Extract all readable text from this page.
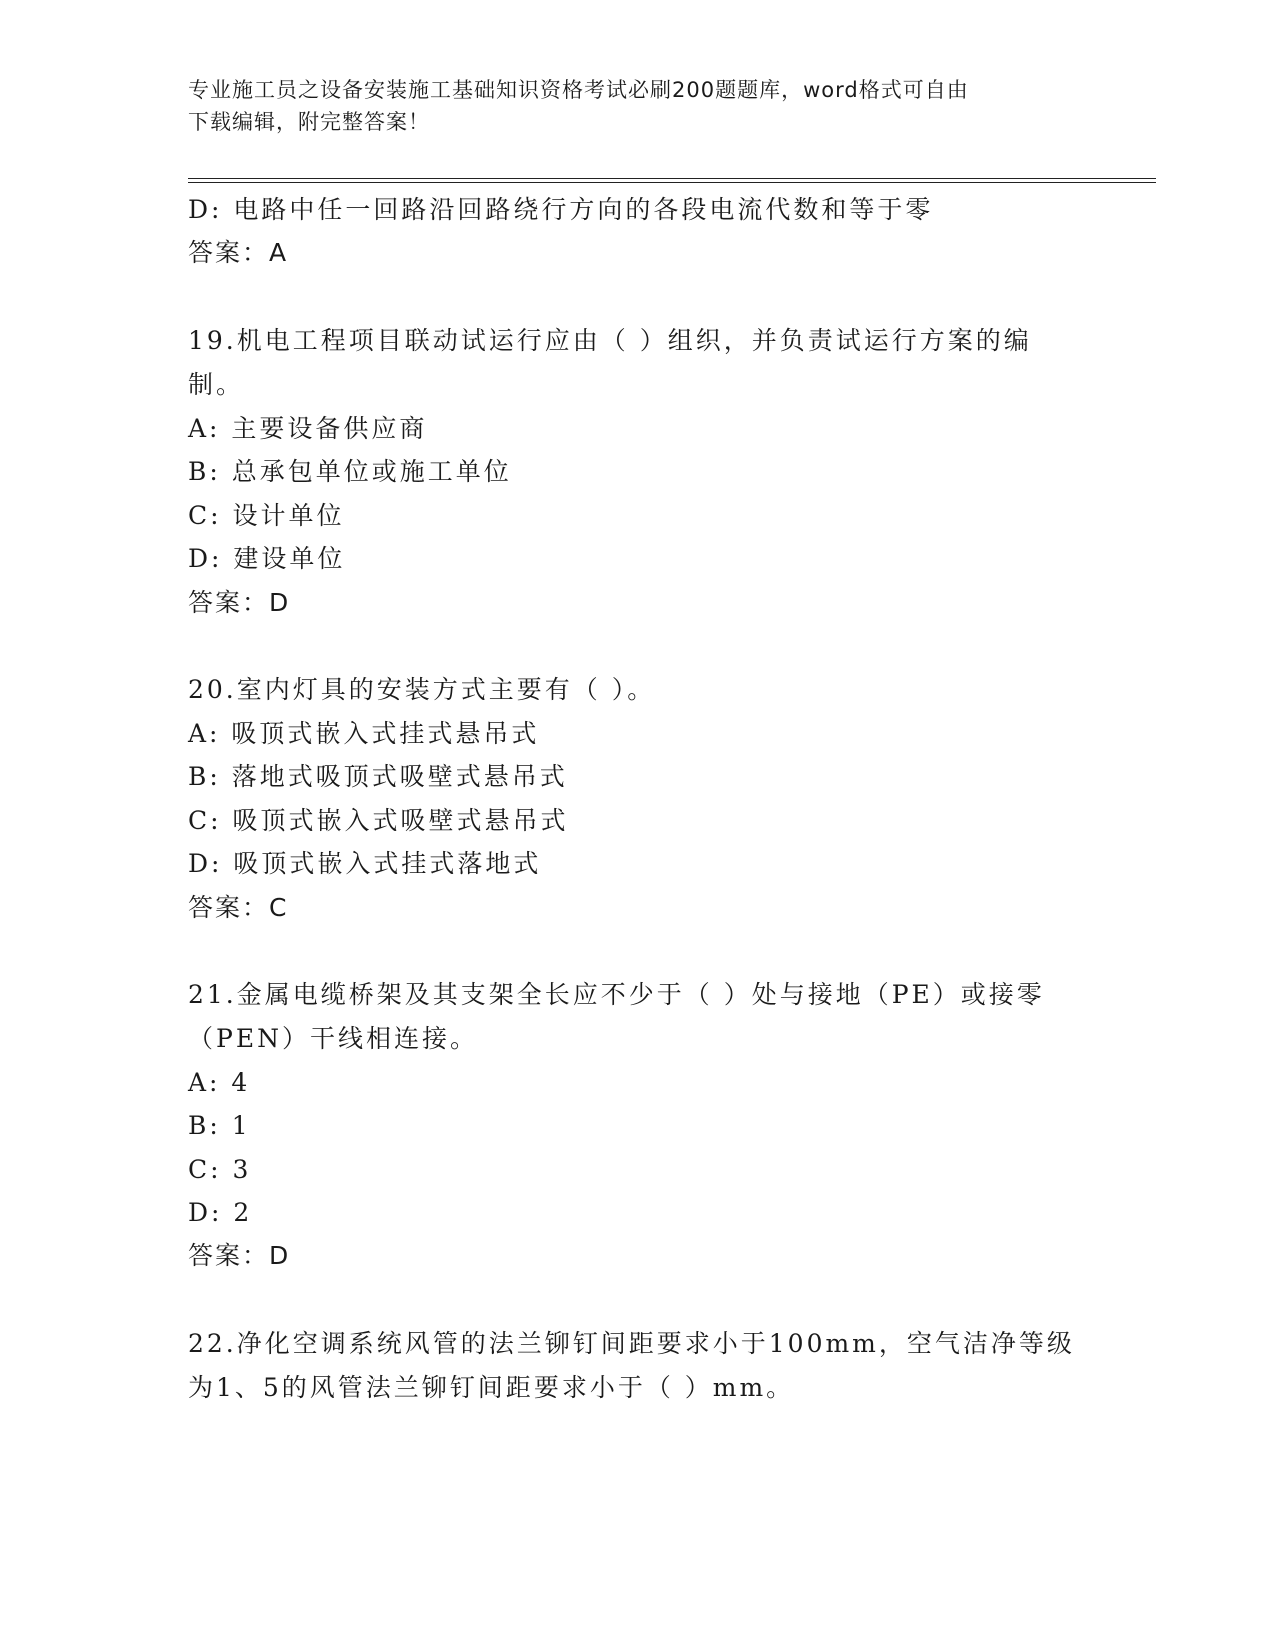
专业施工员之设备安装施工基础知识资格考试必刷200题题库，word格式可自由
下载编辑，附完整答案！
D: 电路中任一回路沿回路绕行方向的各段电流代数和等于零
答案：A
19.机电工程项目联动试运行应由（ ）组织，并负责试运行方案的编
制。
A: 主要设备供应商
B: 总承包单位或施工单位
C: 设计单位
D: 建设单位
答案：D
20.室内灯具的安装方式主要有（ ）。
A: 吸顶式嵌入式挂式悬吊式
B: 落地式吸顶式吸壁式悬吊式
C: 吸顶式嵌入式吸壁式悬吊式
D: 吸顶式嵌入式挂式落地式
答案：C
21.金属电缆桥架及其支架全长应不少于（ ）处与接地（PE）或接零
（PEN）干线相连接。
A: 4
B: 1
C: 3
D: 2
答案：D
22.净化空调系统风管的法兰铆钉间距要求小于100mm，空气洁净等级
为1、5的风管法兰铆钉间距要求小于（ ）mm。
